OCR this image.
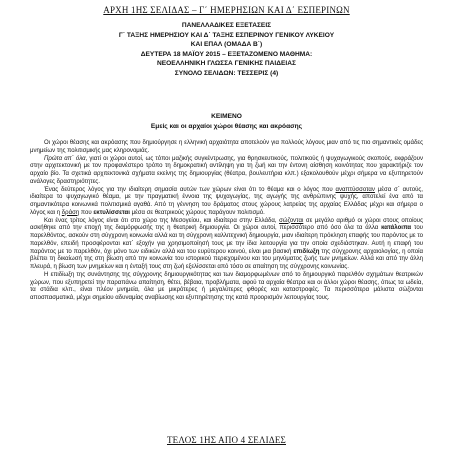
ΑΡΧΗ 1ΗΣ ΣΕΛΙΔΑΣ – Γ΄ ΗΜΕΡΗΣΙΩΝ ΚΑΙ Δ΄ ΕΣΠΕΡΙΝΩΝ
ΠΑΝΕΛΛΑΔΙΚΕΣ ΕΞΕΤΑΣΕΙΣ
Γ΄ ΤΑΞΗΣ ΗΜΕΡΗΣΙΟΥ ΚΑΙ Δ΄ ΤΑΞΗΣ ΕΣΠΕΡΙΝΟΥ ΓΕΝΙΚΟΥ ΛΥΚΕΙΟΥ
ΚΑΙ ΕΠΑΛ (ΟΜΑΔΑ Β΄)
ΔΕΥΤΕΡΑ 18 ΜΑΪΟΥ 2015 – ΕΞΕΤΑΖΟΜΕΝΟ ΜΑΘΗΜΑ:
ΝΕΟΕΛΛΗΝΙΚΗ ΓΛΩΣΣΑ ΓΕΝΙΚΗΣ ΠΑΙΔΕΙΑΣ
ΣΥΝΟΛΟ ΣΕΛΙΔΩΝ: ΤΕΣΣΕΡΙΣ (4)
ΚΕΙΜΕΝΟ
Εμείς και οι αρχαίοι χώροι θέασης και ακρόασης

Οι χώροι θέασης και ακρόασης που δημιούργησε η ελληνική αρχαιότητα αποτελούν για πολλούς λόγους μιαν από τις πιο σημαντικές ομάδες μνημείων της πολιτισμικής μας κληρονομιάς.

Πρώτα απ΄ όλα, γιατί οι χώροι αυτοί, ως τόποι μαζικής συγκέντρωσης, για θρησκευτικούς, πολιτικούς ή ψυχαγωγικούς σκοπούς, εκφράζουν στην αρχιτεκτονική με τον προφανέστερο τρόπο τη δημοκρατική αντίληψη για τη ζωή και την έντονη αίσθηση κοινότητας που χαρακτήριζε τον αρχαίο βίο. Τα σχετικά αρχιτεκτονικά σχήματα εκείνης της δημιουργίας (θέατρα, βουλευτήρια κλπ.) εξακολουθούν μέχρι σήμερα να εξυπηρετούν ανάλογες δραστηριότητες.

Ένας δεύτερος λόγος για την ιδιαίτερη σημασία αυτών των χώρων είναι ότι το θέαμα και ο λόγος που αναπτύσσοταν μέσα σ΄ αυτούς, ιδιαίτερα το ψυχαγωγικό θέαμα, με την πραγματική έννοια της ψυχαγωγίας, της αγωγής της ανθρώπινης ψυχής, αποτελεί ένα από τα σημαντικότερα κοινωνικά πολιτισμικά αγαθά. Από τη γέννηση του δράματος στους χώρους λατρείας της αρχαίας Ελλάδας μέχρι και σήμερα ο λόγος και η δράση που εκτυλίσσεται μέσα σε θεατρικούς χώρους παράγουν πολιτισμό.

Και ένας τρίτος λόγος είναι ότι στο χώρο της Μεσογείου, και ιδιαίτερα στην Ελλάδα, σώζονται σε μεγάλο αριθμό οι χώροι στους οποίους ασκήθηκε από την εποχή της διαμόρφωσής της η θεατρική δημιουργία. Οι χώροι αυτοί, περισσότερο από όσο όλα τα άλλα κατάλοιπα του παρελθόντος, ασκούν στη σύγχρονη κοινωνία αλλά και τη σύγχρονη καλλιτεχνική δημιουργία, μιαν ιδιαίτερη πρόκληση επαφής του παρόντος με το παρελθόν, επειδή προσφέρονται κατ΄ εξοχήν για χρησιμοποίησή τους με την ίδια λειτουργία για την οποία σχεδιάστηκαν. Αυτή η επαφή του παρόντος με το παρελθόν, όχι μόνο των ειδικών αλλά και του ευρύτερου κοινού, είναι μια βασική επιδίωξη της σύγχρονης αρχαιολογίας, η οποία βλέπει τη δικαίωσή της στη βίωση από την κοινωνία του ιστορικού περιεχομένου και του μηνύματος ζωής των μνημείων. Αλλά και από την άλλη πλευρά, η βίωση των μνημείων και η ένταξή τους στη ζωή εξελίσσεται από τόσο σε απαίτηση της σύγχρονης κοινωνίας.

Η επιδίωξη της συνάντησης της σύγχρονης δημιουργικότητας και των διαμορφωμένων από το δημιουργικό παρελθόν σχημάτων θεατρικών χώρων, που εξυπηρετεί την παραπάνω απαίτηση, θέτει, βέβαια, προβλήματα, αφού τα αρχαία θέατρα και οι άλλοι χώροι θέασης, όπως τα ωδεία, τα στάδια κλπ., είναι πλέον μνημεία, όλα με μικρότερες ή μεγαλύτερες φθορές και καταστροφές. Τα περισσότερα μάλιστα σώζονται αποσπασματικά, μέχρι σημείου αδυναμίας αναβίωσης και εξυπηρέτησης της κατά προορισμόν λειτουργίας τους.

ΤΕΛΟΣ 1ΗΣ ΑΠΟ 4 ΣΕΛΙΔΕΣ
